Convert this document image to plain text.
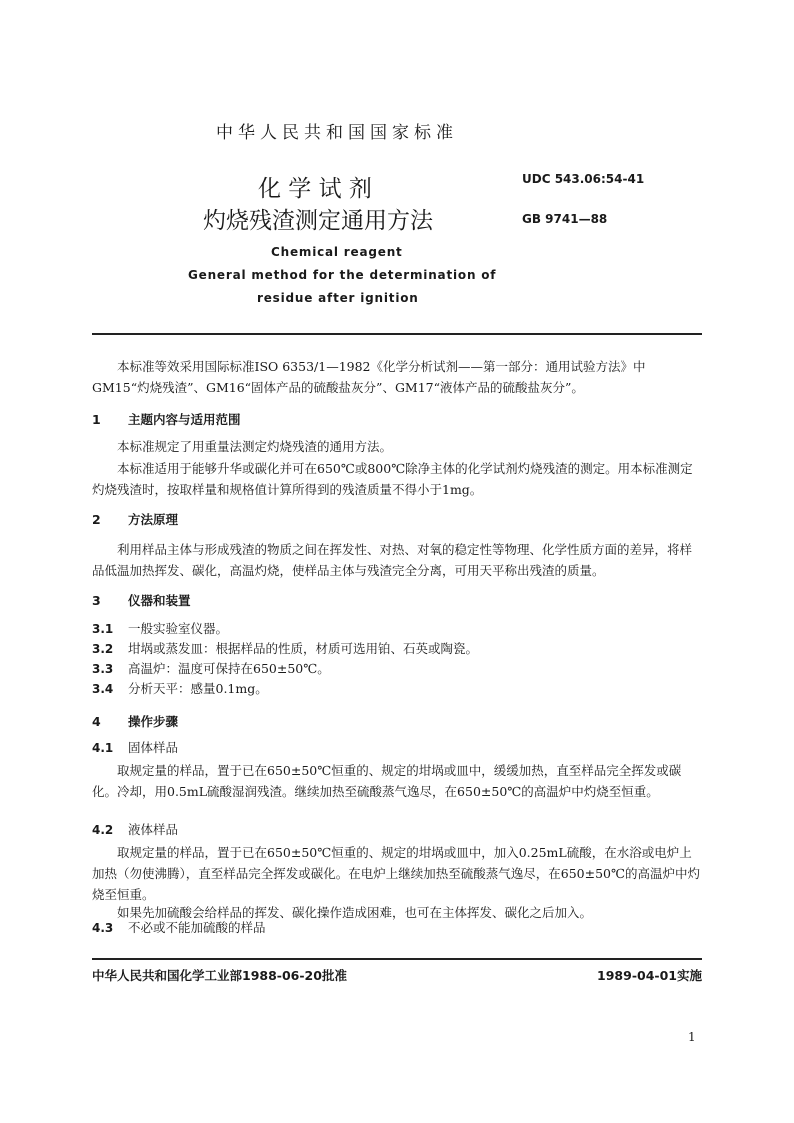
中华人民共和国国家标准
化 学 试 剂
灼烧残渣测定通用方法
UDC 543.06:54-41
GB 9741—88
Chemical reagent
General method for the determination of
residue after ignition
本标准等效采用国际标准ISO 6353/1—1982《化学分析试剂——第一部分：通用试验方法》中GM15“灼烧残渣”、GM16“固体产品的硫酸盐灰分”、GM17“液体产品的硫酸盐灰分”。
1 主题内容与适用范围
本标准规定了用重量法测定灼烧残渣的通用方法。
本标准适用于能够升华或碳化并可在650℃或800℃除净主体的化学试剂灼烧残渣的测定。用本标准测定灼烧残渣时，按取样量和规格值计算所得到的残渣质量不得小于1mg。
2 方法原理
利用样品主体与形成残渣的物质之间在挥发性、对热、对氧的稳定性等物理、化学性质方面的差异，将样品低温加热挥发、碳化，高温灼烧，使样品主体与残渣完全分离，可用天平称出残渣的质量。
3 仪器和装置
3.1 一般实验室仪器。
3.2 坩埚或蒸发皿：根据样品的性质，材质可选用铂、石英或陶瓷。
3.3 高温炉：温度可保持在650±50℃。
3.4 分析天平：感量0.1mg。
4 操作步骤
4.1 固体样品
取规定量的样品，置于已在650±50℃恒重的、规定的坩埚或皿中，缓缓加热，直至样品完全挥发或碳化。冷却，用0.5mL硫酸湿润残渣。继续加热至硫酸蒸气逸尽，在650±50℃的高温炉中灼烧至恒重。
4.2 液体样品
取规定量的样品，置于已在650±50℃恒重的、规定的坩埚或皿中，加入0.25mL硫酸，在水浴或电炉上加热（勿使沸腾），直至样品完全挥发或碳化。在电炉上继续加热至硫酸蒸气逸尽，在650±50℃的高温炉中灼烧至恒重。
如果先加硫酸会给样品的挥发、碳化操作造成困难，也可在主体挥发、碳化之后加入。
4.3 不必或不能加硫酸的样品
中华人民共和国化学工业部1988-06-20批准	1989-04-01实施
1
